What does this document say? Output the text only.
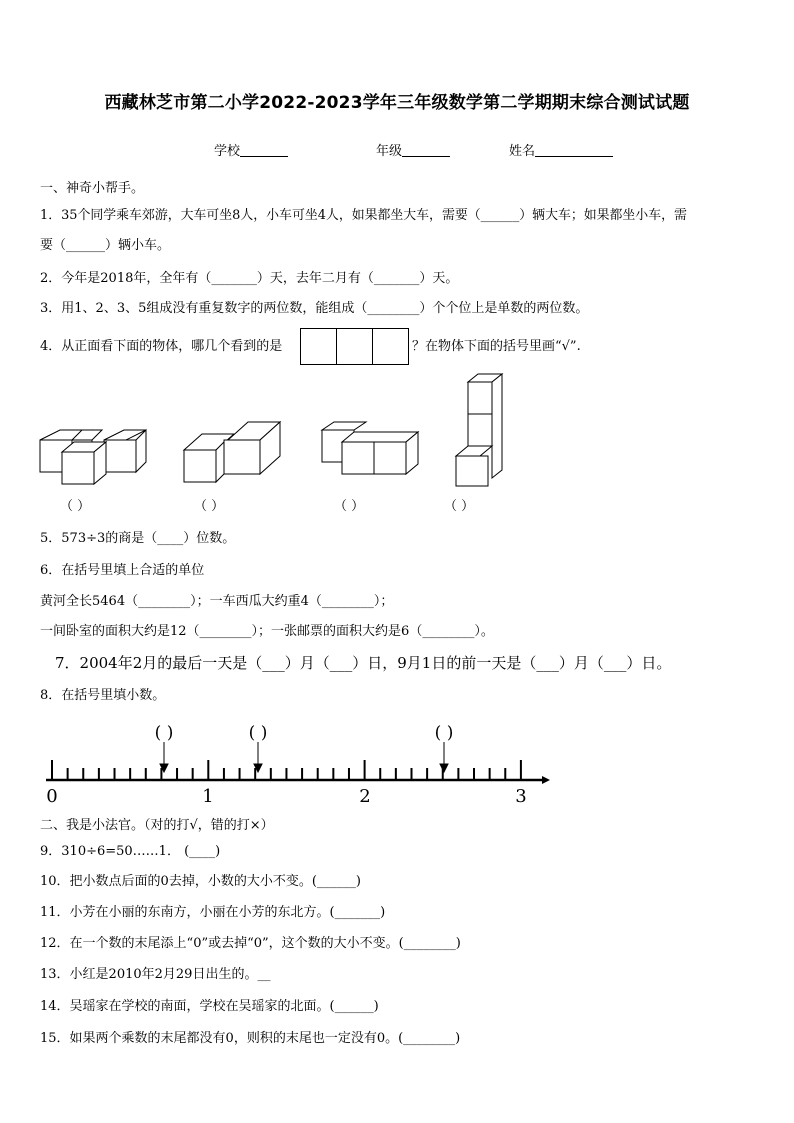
西藏林芝市第二小学2022-2023学年三年级数学第二学期期末综合测试试题
学校	年级	姓名
一、神奇小帮手。
1．35个同学乘车郊游，大车可坐8人，小车可坐4人，如果都坐大车，需要（______）辆大车；如果都坐小车，需
要（______）辆小车。
2．今年是2018年，全年有（_______）天，去年二月有（_______）天。
3．用1、2、3、5组成没有重复数字的两位数，能组成（________）个个位上是单数的两位数。
4．从正面看下面的物体，哪几个看到的是	？在物体下面的括号里画“√”.
（ ）	（ ）	（ ）	（ ）
5．573÷3的商是（____）位数。
6．在括号里填上合适的单位
黄河全长5464（________）；一车西瓜大约重4（________）；
一间卧室的面积大约是12（________）；一张邮票的面积大约是6（________）。
7．2004年2月的最后一天是（___）月（___）日，9月1日的前一天是（___）月（___）日。
8．在括号里填小数。
0	1	2	3
( )	( )	( )
二、我是小法官。（对的打√，错的打×）
9．310÷6=50……1． (____)
10．把小数点后面的0去掉，小数的大小不变。(______)
11．小芳在小丽的东南方，小丽在小芳的东北方。(_______)
12．在一个数的末尾添上“0”或去掉“0”，这个数的大小不变。(________)
13．小红是2010年2月29日出生的。__
14．吴瑶家在学校的南面，学校在吴瑶家的北面。(______)
15．如果两个乘数的末尾都没有0，则积的末尾也一定没有0。(________)
